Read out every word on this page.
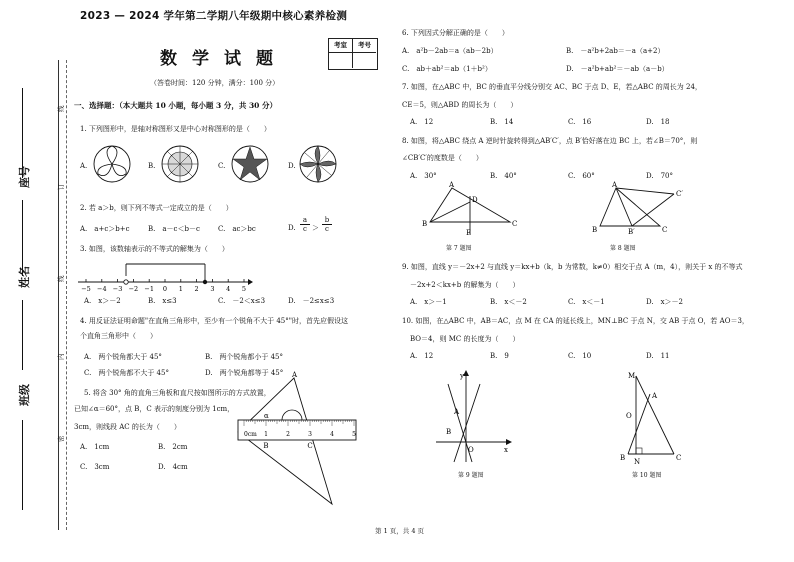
座号
姓名
班级
线
订
线
内
密
2023 — 2024 学年第二学期八年级期中核心素养检测
数学试题
考室	考号
（答卷时间：120 分钟，满分：100 分）
一、选择题：（本大题共 10 小题，每小题 3 分，共 30 分）
1. 下列图形中，是轴对称图形又是中心对称图形的是（　　）
A.	B.	C.	D.
2. 若 a＞b，则下列不等式一定成立的是（　　）
A.　a+c＞b+c	B.　a－c＜b－c	C.　ac＞bc	D. $\frac{a}{c} > \frac{b}{c}$
3. 如图，该数轴表示的不等式的解集为（　　）
−5 −4 −3 −2 −1 0 1 2 3 4 5
A.　x＞－2	B.　x≤3	C.　－2＜x≤3	D.　－2≤x≤3
4. 用反证法证明命题"在直角三角形中，至少有一个锐角不大于 45°"时，首先应假设这
个直角三角形中（　　）
A.　两个锐角都大于 45°	B.　两个锐角都小于 45°
C.　两个锐角都不大于 45°	D.　两个锐角都等于 45°
5. 将含 30° 角的直角三角板和直尺按如图所示的方式放置，
已知∠α＝60°，点 B，C 表示的刻度分别为 1cm，
3cm，则线段 AC 的长为（　　）
A.　1cm	B.　2cm
C.　3cm	D.　4cm
0cm 1	2	3	4	5
B	C
A
α
6. 下列因式分解正确的是（　　）
A.　a²b－2ab＝a（ab－2b）	B.　－a²b+2ab＝－a（a+2）
C.　ab＋ab²＝ab（1＋b²）	D.　－a²b+ab²＝－ab（a－b）
7. 如图，在△ABC 中，BC 的垂直平分线分别交 AC、BC 于点 D、E，若△ABC 的周长为 24，
CE＝5，则△ABD 的周长为（　　）
A.　12	B.　14	C.　16	D.　18
8. 如图，将△ABC 绕点 A 逆时针旋转得到△AB′C′，点 B′恰好落在边 BC 上，若∠B＝70°，则
∠CB′C′的度数是（　　）
A.　30°	B.　40°	C.　60°	D.　70°
A
B	C
D
E
第 7 题图
A
B	B′	C
C′
第 8 题图
9. 如图，直线 y＝－2x+2 与直线 y＝kx+b（k，b 为常数，k≠0）相交于点 A（m，4），则关于 x 的不等式
－2x+2＜kx+b 的解集为（　　）
A.　x＞－1	B.　x＜－2	C.　x＜－1	D.　x＞－2
10. 如图，在△ABC 中，AB＝AC，点 M 在 CA 的延长线上，MN⊥BC 于点 N，交 AB 于点 O，若 AO＝3，
BO＝4，则 MC 的长度为（　　）
A.　12	B.　9	C.　10	D.　11
y
x
O
A
B
第 9 题图
M
A
O
B N	C
第 10 题图
第 1 页，共 4 页
